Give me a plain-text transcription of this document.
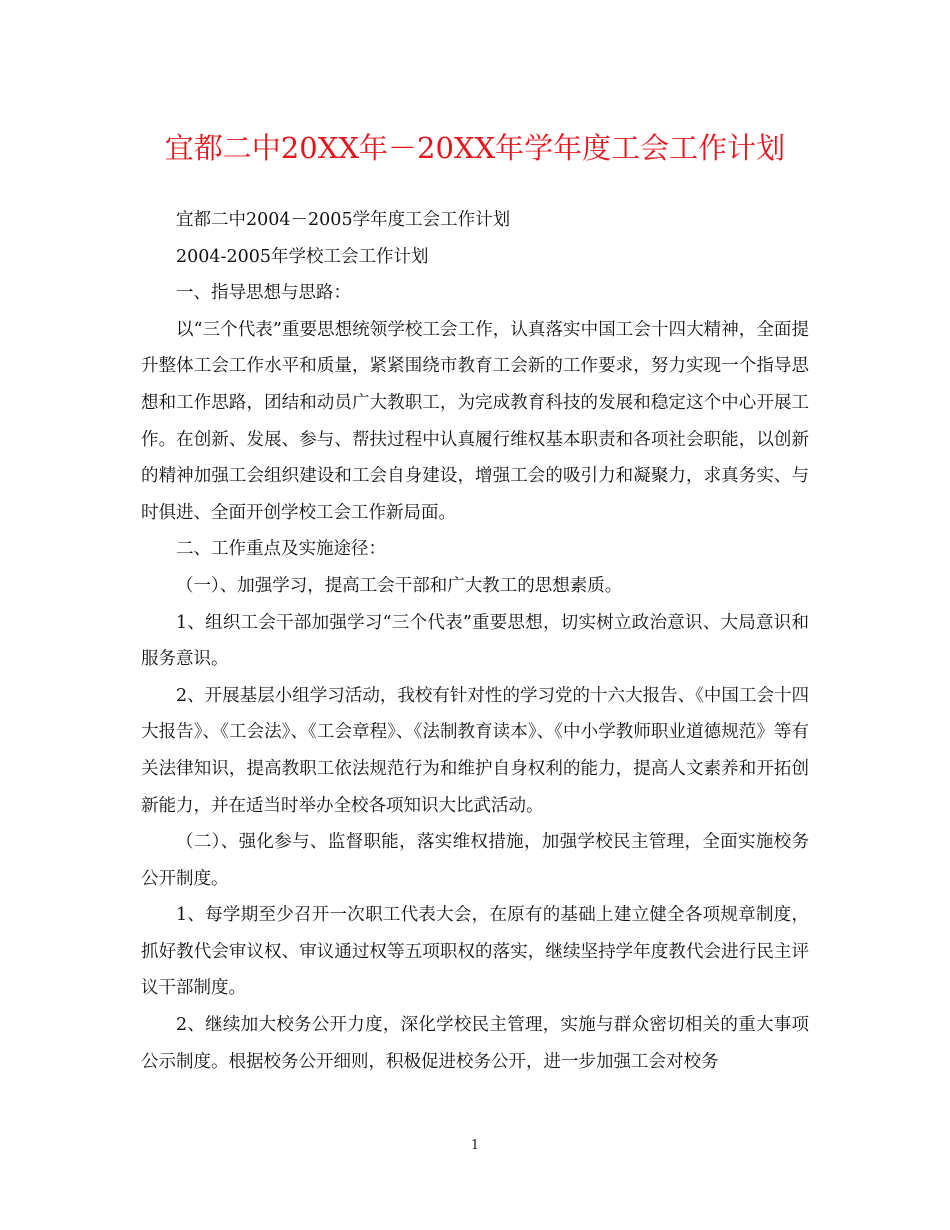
宜都二中20XX年－20XX年学年度工会工作计划

宜都二中2004－2005学年度工会工作计划

2004-2005年学校工会工作计划

一、指导思想与思路：

以“三个代表”重要思想统领学校工会工作，认真落实中国工会十四大精神，全面提升整体工会工作水平和质量，紧紧围绕市教育工会新的工作要求，努力实现一个指导思想和工作思路，团结和动员广大教职工，为完成教育科技的发展和稳定这个中心开展工作。在创新、发展、参与、帮扶过程中认真履行维权基本职责和各项社会职能，以创新的精神加强工会组织建设和工会自身建设，增强工会的吸引力和凝聚力，求真务实、与时俱进、全面开创学校工会工作新局面。

二、工作重点及实施途径：

（一）、加强学习，提高工会干部和广大教工的思想素质。

1、组织工会干部加强学习“三个代表”重要思想，切实树立政治意识、大局意识和服务意识。

2、开展基层小组学习活动，我校有针对性的学习党的十六大报告、《中国工会十四大报告》、《工会法》、《工会章程》、《法制教育读本》、《中小学教师职业道德规范》等有关法律知识，提高教职工依法规范行为和维护自身权利的能力，提高人文素养和开拓创新能力，并在适当时举办全校各项知识大比武活动。

（二）、强化参与、监督职能，落实维权措施，加强学校民主管理，全面实施校务公开制度。

1、每学期至少召开一次职工代表大会，在原有的基础上建立健全各项规章制度，抓好教代会审议权、审议通过权等五项职权的落实，继续坚持学年度教代会进行民主评议干部制度。

2、继续加大校务公开力度，深化学校民主管理，实施与群众密切相关的重大事项公示制度。根据校务公开细则，积极促进校务公开，进一步加强工会对校务

1
